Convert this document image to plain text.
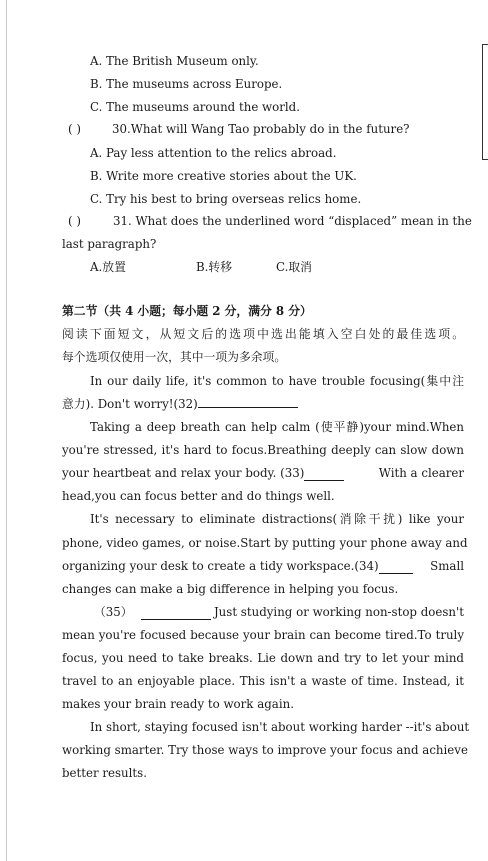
A. The British Museum only.
B. The museums across Europe.
C. The museums around the world.
( )	30.What will Wang Tao probably do in the future?
A. Pay less attention to the relics abroad.
B. Write more creative stories about the UK.
C. Try his best to bring overseas relics home.
( )	31. What does the underlined word “displaced” mean in the
last paragraph?
A.放置	B.转移	C.取消
第二节（共 4 小题；每小题 2 分，满分 8 分）
阅读下面短文，从短文后的选项中选出能填入空白处的最佳选项。
每个选项仅使用一次，其中一项为多余项。
In our daily life, it's common to have trouble focusing(集中注
意力). Don't worry!(32)
Taking a deep breath can help calm (使平静)your mind.When
you're stressed, it's hard to focus.Breathing deeply can slow down
your heartbeat and relax your body. (33)	With a clearer
head,you can focus better and do things well.
It's necessary to eliminate distractions(消除干扰) like your
phone, video games, or noise.Start by putting your phone away and
organizing your desk to create a tidy workspace.(34)	Small
changes can make a big difference in helping you focus.
（35）	Just studying or working non-stop doesn't
mean you're focused because your brain can become tired.To truly
focus, you need to take breaks. Lie down and try to let your mind
travel to an enjoyable place. This isn't a waste of time. Instead, it
makes your brain ready to work again.
In short, staying focused isn't about working harder --it's about
working smarter. Try those ways to improve your focus and achieve
better results.
